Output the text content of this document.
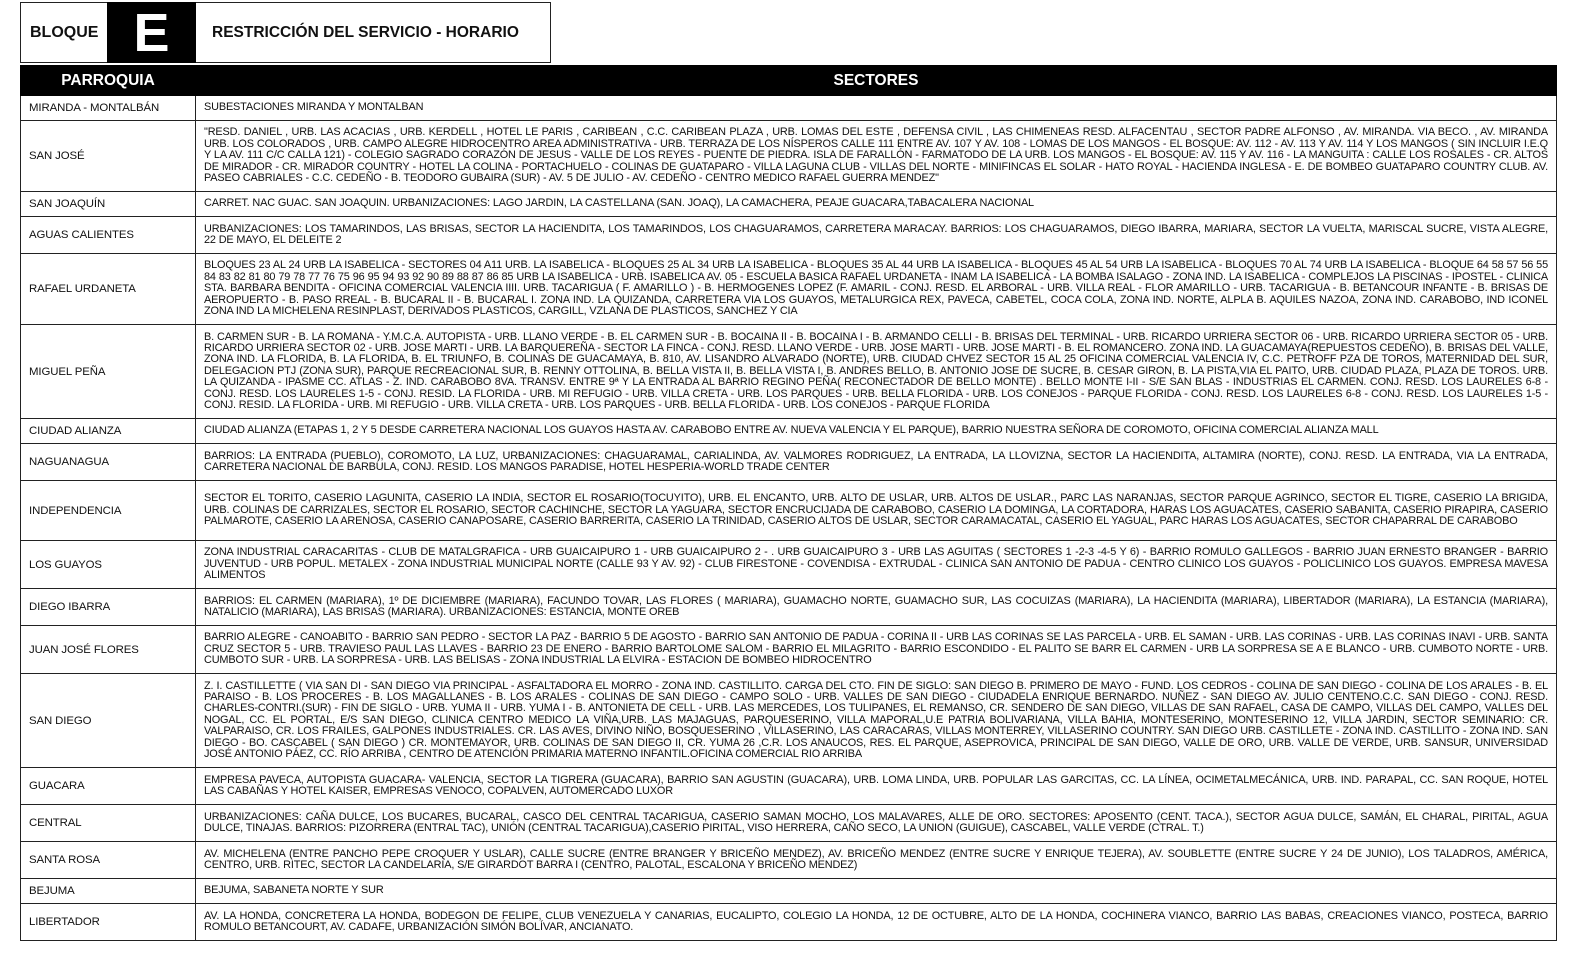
BLOQUE E	RESTRICCIÓN DEL SERVICIO - HORARIO
PARROQUIA	SECTORES
MIRANDA - MONTALBÁN	SUBESTACIONES MIRANDA Y MONTALBAN
SAN JOSÉ	"RESD. DANIEL , URB. LAS ACACIAS , URB. KERDELL , HOTEL LE PARIS , CARIBEAN , C.C. CARIBEAN PLAZA , URB. LOMAS DEL ESTE , DEFENSA CIVIL , LAS CHIMENEAS RESD. ALFACENTAU , SECTOR PADRE ALFONSO , AV. MIRANDA. VIA BECO. , AV. MIRANDA URB. LOS COLORADOS , URB. CAMPO ALEGRE HIDROCENTRO AREA ADMINISTRATIVA - URB. TERRAZA DE LOS NÍSPEROS CALLE 111 ENTRE AV. 107 Y AV. 108 - LOMAS DE LOS MANGOS - EL BOSQUE: AV. 112 - AV. 113 Y AV. 114 Y LOS MANGOS ( SIN INCLUIR I.E.Q Y LA AV. 111 C/C CALLA 121) - COLEGIO SAGRADO CORAZÓN DE JESUS - VALLE DE LOS REYES - PUENTE DE PIEDRA. ISLA DE FARALLÓN - FARMATODO DE LA URB. LOS MANGOS - EL BOSQUE: AV. 115 Y AV. 116 - LA MANGUITA : CALLE LOS ROSALES - CR. ALTOS DE MIRADOR - CR. MIRADOR COUNTRY - HOTEL LA COLINA - PORTACHUELO - COLINAS DE GUATAPARO - VILLA LAGUNA CLUB - VILLAS DEL NORTE - MINIFINCAS EL SOLAR - HATO ROYAL - HACIENDA INGLESA - E. DE BOMBEO GUATAPARO COUNTRY CLUB. AV. PASEO CABRIALES - C.C. CEDEÑO - B. TEODORO GUBAIRA (SUR) - AV. 5 DE JULIO - AV. CEDEÑO - CENTRO MEDICO RAFAEL GUERRA MENDEZ"
SAN JOAQUÍN	CARRET. NAC GUAC. SAN JOAQUIN. URBANIZACIONES: LAGO JARDIN, LA CASTELLANA (SAN. JOAQ), LA CAMACHERA, PEAJE GUACARA,TABACALERA NACIONAL
AGUAS CALIENTES	URBANIZACIONES: LOS TAMARINDOS, LAS BRISAS, SECTOR LA HACIENDITA, LOS TAMARINDOS, LOS CHAGUARAMOS, CARRETERA MARACAY. BARRIOS: LOS CHAGUARAMOS, DIEGO IBARRA, MARIARA, SECTOR LA VUELTA, MARISCAL SUCRE, VISTA ALEGRE, 22 DE MAYO, EL DELEITE 2
RAFAEL URDANETA	BLOQUES 23 AL 24 URB LA ISABELICA - SECTORES 04 A11 URB. LA ISABELICA - BLOQUES 25 AL 34 URB LA ISABELICA - BLOQUES 35 AL 44 URB LA ISABELICA - BLOQUES 45 AL 54 URB LA ISABELICA - BLOQUES 70 AL 74 URB LA ISABELICA - BLOQUE 64 58 57 56 55 84 83 82 81 80 79 78 77 76 75 96 95 94 93 92 90 89 88 87 86 85 URB LA ISABELICA - URB. ISABELICA AV. 05 - ESCUELA BASICA RAFAEL URDANETA - INAM LA ISABELICA - LA BOMBA ISALAGO - ZONA IND. LA ISABELICA - COMPLEJOS LA PISCINAS - IPOSTEL - CLINICA STA. BARBARA BENDITA - OFICINA COMERCIAL VALENCIA IIII. URB. TACARIGUA ( F. AMARILLO ) - B. HERMOGENES LOPEZ (F. AMARIL - CONJ. RESD. EL ARBORAL - URB. VILLA REAL - FLOR AMARILLO - URB. TACARIGUA - B. BETANCOUR INFANTE - B. BRISAS DE AEROPUERTO - B. PASO RREAL - B. BUCARAL II - B. BUCARAL I. ZONA IND. LA QUIZANDA, CARRETERA VIA LOS GUAYOS, METALURGICA REX, PAVECA, CABETEL, COCA COLA, ZONA IND. NORTE, ALPLA B. AQUILES NAZOA, ZONA IND. CARABOBO, IND ICONEL ZONA IND LA MICHELENA RESINPLAST, DERIVADOS PLASTICOS, CARGILL, VZLANA DE PLASTICOS, SANCHEZ Y CIA
MIGUEL PEÑA	B. CARMEN SUR - B. LA ROMANA - Y.M.C.A. AUTOPISTA - URB. LLANO VERDE - B. EL CARMEN SUR - B. BOCAINA II - B. BOCAINA I - B. ARMANDO CELLI - B. BRISAS DEL TERMINAL - URB. RICARDO URRIERA SECTOR 06 - URB. RICARDO URRIERA SECTOR 05 - URB. RICARDO URRIERA SECTOR 02 - URB. JOSE MARTI - URB. LA BARQUEREÑA - SECTOR LA FINCA - CONJ. RESD. LLANO VERDE - URB. JOSE MARTI - URB. JOSE MARTI - B. EL ROMANCERO. ZONA IND. LA GUACAMAYA(REPUESTOS CEDEÑO), B. BRISAS DEL VALLE, ZONA IND. LA FLORIDA, B. LA FLORIDA, B. EL TRIUNFO, B. COLINAS DE GUACAMAYA, B. 810, AV. LISANDRO ALVARADO (NORTE), URB. CIUDAD CHVEZ SECTOR 15 AL 25 OFICINA COMERCIAL VALENCIA IV, C.C. PETROFF PZA DE TOROS, MATERNIDAD DEL SUR, DELEGACION PTJ (ZONA SUR), PARQUE RECREACIONAL SUR, B. RENNY OTTOLINA, B. BELLA VISTA II, B. BELLA VISTA I, B. ANDRES BELLO, B. ANTONIO JOSE DE SUCRE, B. CESAR GIRON, B. LA PISTA,VIA EL PAITO, URB. CIUDAD PLAZA, PLAZA DE TOROS. URB. LA QUIZANDA - IPASME CC. ATLAS - Z. IND. CARABOBO 8VA. TRANSV. ENTRE 9ª Y LA ENTRADA AL BARRIO REGINO PEÑA( RECONECTADOR DE BELLO MONTE) . BELLO MONTE I-II - S/E SAN BLAS - INDUSTRIAS EL CARMEN. CONJ. RESD. LOS LAURELES 6-8 - CONJ. RESD. LOS LAURELES 1-5 - CONJ. RESID. LA FLORIDA - URB. MI REFUGIO - URB. VILLA CRETA - URB. LOS PARQUES - URB. BELLA FLORIDA - URB. LOS CONEJOS - PARQUE FLORIDA - CONJ. RESD. LOS LAURELES 6-8 - CONJ. RESD. LOS LAURELES 1-5 - CONJ. RESID. LA FLORIDA - URB. MI REFUGIO - URB. VILLA CRETA - URB. LOS PARQUES - URB. BELLA FLORIDA - URB. LOS CONEJOS - PARQUE FLORIDA
CIUDAD ALIANZA	CIUDAD ALIANZA (ETAPAS 1, 2 Y 5 DESDE CARRETERA NACIONAL LOS GUAYOS HASTA AV. CARABOBO ENTRE AV. NUEVA VALENCIA Y EL PARQUE), BARRIO NUESTRA SEÑORA DE COROMOTO, OFICINA COMERCIAL ALIANZA MALL
NAGUANAGUA	BARRIOS: LA ENTRADA (PUEBLO), COROMOTO, LA LUZ, URBANIZACIONES: CHAGUARAMAL, CARIALINDA, AV. VALMORES RODRIGUEZ, LA ENTRADA, LA LLOVIZNA, SECTOR LA HACIENDITA, ALTAMIRA (NORTE), CONJ. RESD. LA ENTRADA, VIA LA ENTRADA, CARRETERA NACIONAL DE BARBULA, CONJ. RESID. LOS MANGOS PARADISE, HOTEL HESPERIA-WORLD TRADE CENTER
INDEPENDENCIA	SECTOR EL TORITO, CASERIO LAGUNITA, CASERIO LA INDIA, SECTOR EL ROSARIO(TOCUYITO), URB. EL ENCANTO, URB. ALTO DE USLAR, URB. ALTOS DE USLAR., PARC LAS NARANJAS, SECTOR PARQUE AGRINCO, SECTOR EL TIGRE, CASERIO LA BRIGIDA, URB. COLINAS DE CARRIZALES, SECTOR EL ROSARIO, SECTOR CACHINCHE, SECTOR LA YAGUARA, SECTOR ENCRUCIJADA DE CARABOBO, CASERIO LA DOMINGA, LA CORTADORA, HARAS LOS AGUACATES, CASERIO SABANITA, CASERIO PIRAPIRA, CASERIO PALMAROTE, CASERIO LA ARENOSA, CASERIO CANAPOSARE, CASERIO BARRERITA, CASERIO LA TRINIDAD, CASERIO ALTOS DE USLAR, SECTOR CARAMACATAL, CASERIO EL YAGUAL, PARC HARAS LOS AGUACATES, SECTOR CHAPARRAL DE CARABOBO
LOS GUAYOS	ZONA INDUSTRIAL CARACARITAS - CLUB DE MATALGRAFICA - URB GUAICAIPURO 1 - URB GUAICAIPURO 2 - . URB GUAICAIPURO 3 - URB LAS AGUITAS ( SECTORES 1 -2-3 -4-5 Y 6) - BARRIO ROMULO GALLEGOS - BARRIO JUAN ERNESTO BRANGER - BARRIO JUVENTUD - URB POPUL. METALEX - ZONA INDUSTRIAL MUNICIPAL NORTE (CALLE 93 Y AV. 92) - CLUB FIRESTONE - COVENDISA - EXTRUDAL - CLINICA SAN ANTONIO DE PADUA - CENTRO CLINICO LOS GUAYOS - POLICLINICO LOS GUAYOS. EMPRESA MAVESA ALIMENTOS
DIEGO IBARRA	BARRIOS: EL CARMEN (MARIARA), 1º DE DICIEMBRE (MARIARA), FACUNDO TOVAR, LAS FLORES ( MARIARA), GUAMACHO NORTE, GUAMACHO SUR, LAS COCUIZAS (MARIARA), LA HACIENDITA (MARIARA), LIBERTADOR (MARIARA), LA ESTANCIA (MARIARA), NATALICIO (MARIARA), LAS BRISAS (MARIARA). URBANIZACIONES: ESTANCIA, MONTE OREB
JUAN JOSÉ FLORES	BARRIO ALEGRE - CANOABITO - BARRIO SAN PEDRO - SECTOR LA PAZ - BARRIO 5 DE AGOSTO - BARRIO SAN ANTONIO DE PADUA - CORINA II - URB LAS CORINAS SE LAS PARCELA - URB. EL SAMAN - URB. LAS CORINAS - URB. LAS CORINAS INAVI - URB. SANTA CRUZ SECTOR 5 - URB. TRAVIESO PAUL LAS LLAVES - BARRIO 23 DE ENERO - BARRIO BARTOLOME SALOM - BARRIO EL MILAGRITO - BARRIO ESCONDIDO - EL PALITO SE BARR EL CARMEN - URB LA SORPRESA SE A E BLANCO - URB. CUMBOTO NORTE - URB. CUMBOTO SUR - URB. LA SORPRESA - URB. LAS BELISAS - ZONA INDUSTRIAL LA ELVIRA - ESTACION DE BOMBEO HIDROCENTRO
SAN DIEGO	Z. I. CASTILLETTE ( VIA SAN DI - SAN DIEGO VIA PRINCIPAL - ASFALTADORA EL MORRO - ZONA IND. CASTILLITO. CARGA DEL CTO. FIN DE SIGLO: SAN DIEGO B. PRIMERO DE MAYO - FUND. LOS CEDROS - COLINA DE SAN DIEGO - COLINA DE LOS ARALES - B. EL PARAISO - B. LOS PROCERES - B. LOS MAGALLANES - B. LOS ARALES - COLINAS DE SAN DIEGO - CAMPO SOLO - URB. VALLES DE SAN DIEGO - CIUDADELA ENRIQUE BERNARDO. NUÑEZ - SAN DIEGO AV. JULIO CENTENO.C.C. SAN DIEGO - CONJ. RESD. CHARLES-CONTRI.(SUR) - FIN DE SIGLO - URB. YUMA II - URB. YUMA I - B. ANTONIETA DE CELL - URB. LAS MERCEDES, LOS TULIPANES, EL REMANSO, CR. SENDERO DE SAN DIEGO, VILLAS DE SAN RAFAEL, CASA DE CAMPO, VILLAS DEL CAMPO, VALLES DEL NOGAL, CC. EL PORTAL, E/S SAN DIEGO, CLINICA CENTRO MEDICO LA VIÑA,URB. LAS MAJAGUAS, PARQUESERINO, VILLA MAPORAL,U.E PATRIA BOLIVARIANA, VILLA BAHIA, MONTESERINO, MONTESERINO 12, VILLA JARDIN, SECTOR SEMINARIO: CR. VALPARAISO, CR. LOS FRAILES, GALPONES INDUSTRIALES. CR. LAS AVES, DIVINO NIÑO, BOSQUESERINO , VILLASERINO, LAS CARACARAS, VILLAS MONTERREY, VILLASERINO COUNTRY. SAN DIEGO URB. CASTILLETE - ZONA IND. CASTILLITO - ZONA IND. SAN DIEGO - BO. CASCABEL ( SAN DIEGO ) CR. MONTEMAYOR, URB. COLINAS DE SAN DIEGO II, CR. YUMA 26 ,C.R. LOS ANAUCOS, RES. EL PARQUE, ASEPROVICA, PRINCIPAL DE SAN DIEGO, VALLE DE ORO, URB. VALLE DE VERDE, URB. SANSUR, UNIVERSIDAD JOSÉ ANTONIO PÁEZ, CC. RÍO ARRIBA , CENTRO DE ATENCIÓN PRIMARIA MATERNO INFANTIL.OFICINA COMERCIAL RIO ARRIBA
GUACARA	EMPRESA PAVECA, AUTOPISTA GUACARA- VALENCIA, SECTOR LA TIGRERA (GUACARA), BARRIO SAN AGUSTIN (GUACARA), URB. LOMA LINDA, URB. POPULAR LAS GARCITAS, CC. LA LÍNEA, OCIMETALMECÁNICA, URB. IND. PARAPAL, CC. SAN ROQUE, HOTEL LAS CABAÑAS Y HOTEL KAISER, EMPRESAS VENOCO, COPALVEN, AUTOMERCADO LUXOR
CENTRAL	URBANIZACIONES: CAÑA DULCE, LOS BUCARES, BUCARAL, CASCO DEL CENTRAL TACARIGUA, CASERIO SAMAN MOCHO, LOS MALAVARES, ALLE DE ORO. SECTORES: APOSENTO (CENT. TACA.), SECTOR AGUA DULCE, SAMÁN, EL CHARAL, PIRITAL, AGUA DULCE, TINAJAS. BARRIOS: PIZORRERA (ENTRAL TAC), UNIÓN (CENTRAL TACARIGUA),CASERIO PIRITAL, VISO HERRERA, CAÑO SECO, LA UNION (GUIGUE), CASCABEL, VALLE VERDE (CTRAL. T.)
SANTA ROSA	AV. MICHELENA (ENTRE PANCHO PEPE CROQUER Y USLAR), CALLE SUCRE (ENTRE BRANGER Y BRICEÑO MENDEZ), AV. BRICEÑO MENDEZ (ENTRE SUCRE Y ENRIQUE TEJERA), AV. SOUBLETTE (ENTRE SUCRE Y 24 DE JUNIO), LOS TALADROS, AMÉRICA, CENTRO, URB. RITEC, SECTOR LA CANDELARIA, S/E GIRARDOT BARRA I (CENTRO, PALOTAL, ESCALONA Y BRICEÑO MENDEZ)
BEJUMA	BEJUMA, SABANETA NORTE Y SUR
LIBERTADOR	AV. LA HONDA, CONCRETERA LA HONDA, BODEGON DE FELIPE, CLUB VENEZUELA Y CANARIAS, EUCALIPTO, COLEGIO LA HONDA, 12 DE OCTUBRE, ALTO DE LA HONDA, COCHINERA VIANCO, BARRIO LAS BABAS, CREACIONES VIANCO, POSTECA, BARRIO ROMULO BETANCOURT, AV. CADAFE, URBANIZACIÓN SIMÓN BOLÍVAR, ANCIANATO.
